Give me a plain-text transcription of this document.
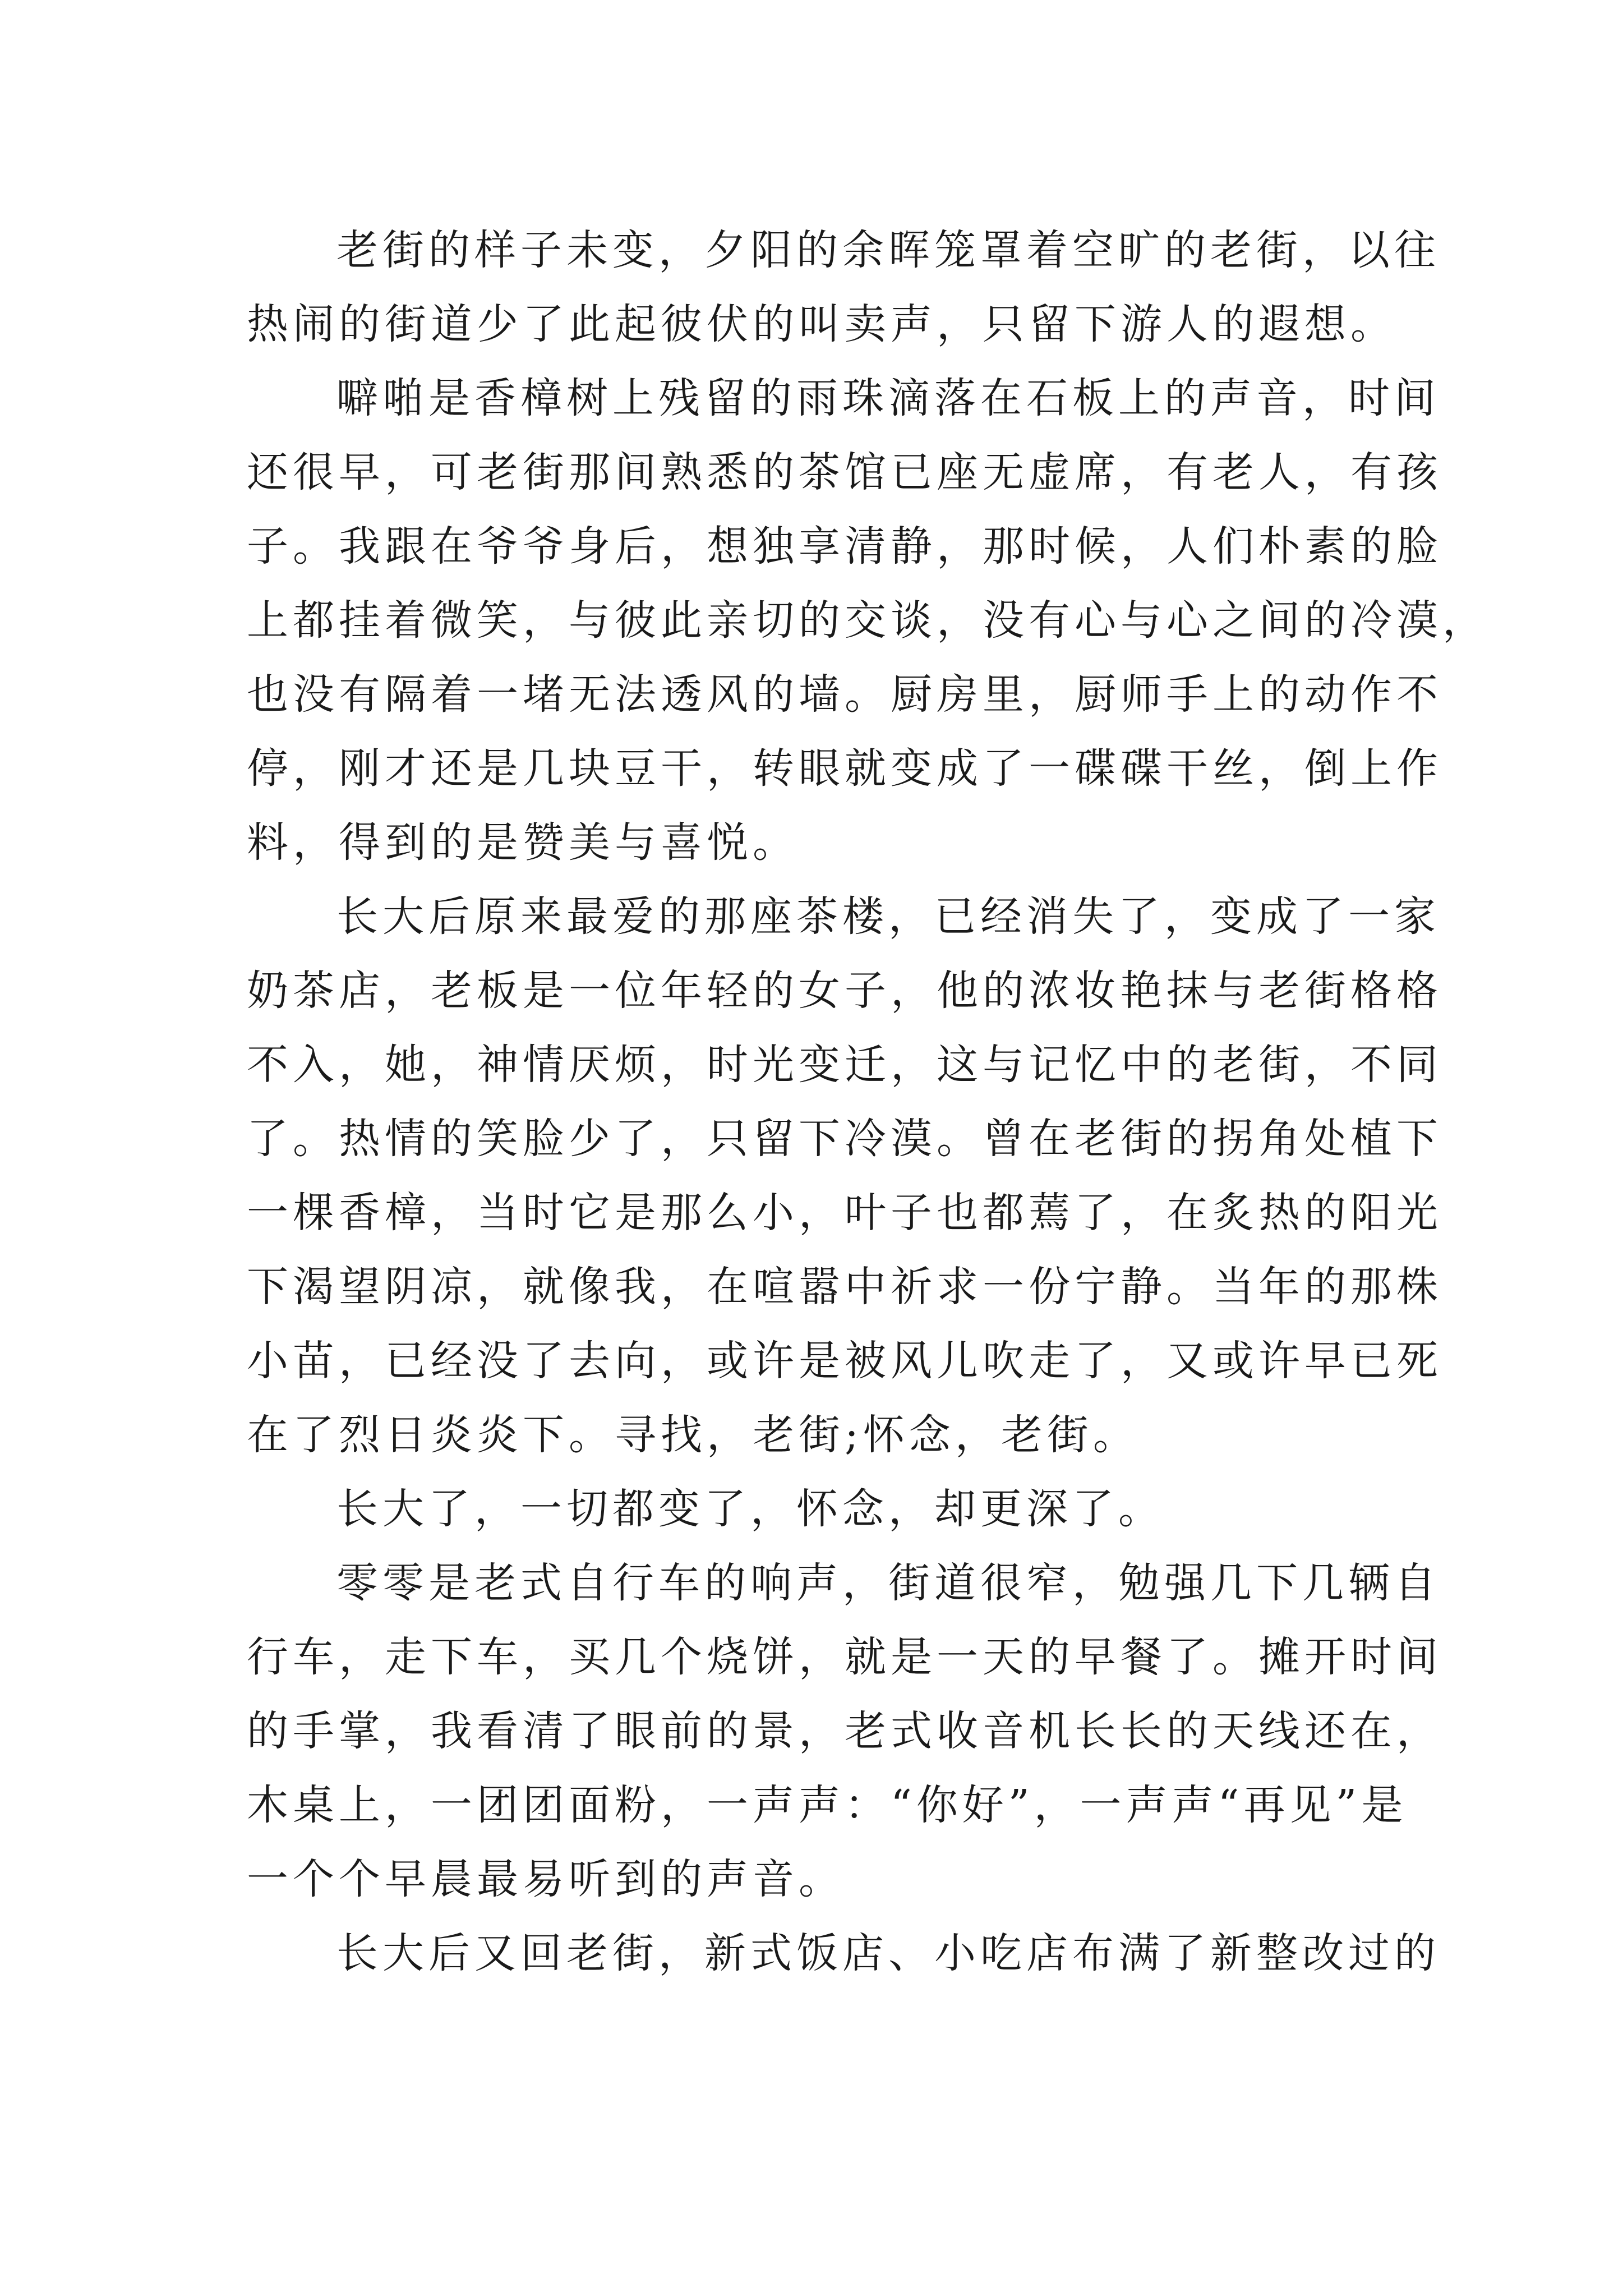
老街的样子未变，夕阳的余晖笼罩着空旷的老街，以往
热闹的街道少了此起彼伏的叫卖声，只留下游人的遐想。
噼啪是香樟树上残留的雨珠滴落在石板上的声音，时间
还很早，可老街那间熟悉的茶馆已座无虚席，有老人，有孩
子。我跟在爷爷身后，想独享清静，那时候，人们朴素的脸
上都挂着微笑，与彼此亲切的交谈，没有心与心之间的冷漠，
也没有隔着一堵无法透风的墙。厨房里，厨师手上的动作不
停，刚才还是几块豆干，转眼就变成了一碟碟干丝，倒上作
料，得到的是赞美与喜悦。
长大后原来最爱的那座茶楼，已经消失了，变成了一家
奶茶店，老板是一位年轻的女子，他的浓妆艳抹与老街格格
不入，她，神情厌烦，时光变迁，这与记忆中的老街，不同
了。热情的笑脸少了，只留下冷漠。曾在老街的拐角处植下
一棵香樟，当时它是那么小，叶子也都蔫了，在炙热的阳光
下渴望阴凉，就像我，在喧嚣中祈求一份宁静。当年的那株
小苗，已经没了去向，或许是被风儿吹走了，又或许早已死
在了烈日炎炎下。寻找，老街;怀念，老街。
长大了，一切都变了，怀念，却更深了。
零零是老式自行车的响声，街道很窄，勉强几下几辆自
行车，走下车，买几个烧饼，就是一天的早餐了。摊开时间
的手掌，我看清了眼前的景，老式收音机长长的天线还在，
木桌上，一团团面粉，一声声：“你好”，一声声“再见”是
一个个早晨最易听到的声音。
长大后又回老街，新式饭店、小吃店布满了新整改过的
